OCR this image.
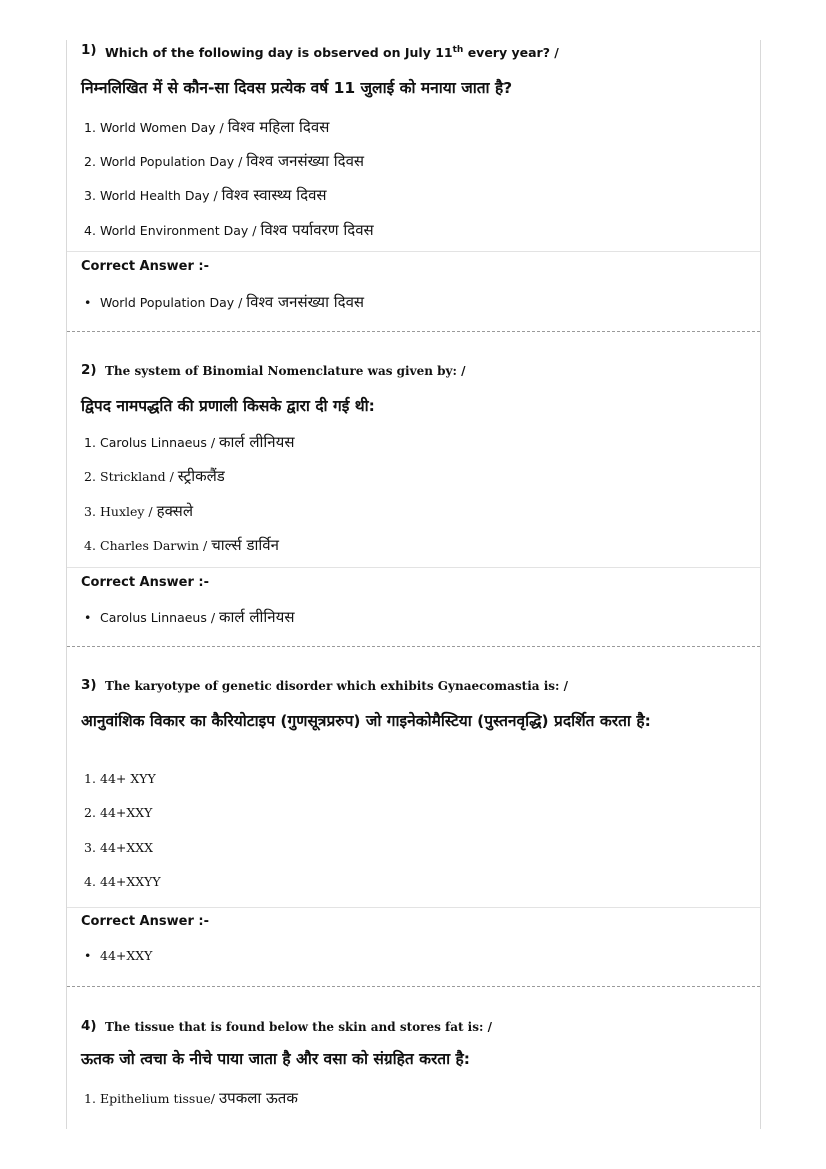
1) Which of the following day is observed on July 11th every year? /
निम्नलिखित में से कौन-सा दिवस प्रत्येक वर्ष 11 जुलाई को मनाया जाता है?
1. World Women Day / विश्व महिला दिवस
2. World Population Day / विश्व जनसंख्या दिवस
3. World Health Day / विश्व स्वास्थ्य दिवस
4. World Environment Day / विश्व पर्यावरण दिवस
Correct Answer :-
• World Population Day / विश्व जनसंख्या दिवस
2) The system of Binomial Nomenclature was given by: /
द्विपद नामपद्धति की प्रणाली किसके द्वारा दी गई थी:
1. Carolus Linnaeus / कार्ल लीनियस
2. Strickland / स्ट्रीकलैंड
3. Huxley / हक्सले
4. Charles Darwin / चार्ल्स डार्विन
Correct Answer :-
• Carolus Linnaeus / कार्ल लीनियस
3) The karyotype of genetic disorder which exhibits Gynaecomastia is: /
आनुवांशिक विकार का कैरियोटाइप (गुणसूत्रप्ररुप) जो गाइनेकोमैस्टिया (पुस्तनवृद्धि) प्रदर्शित करता है:
1. 44+ XYY
2. 44+XXY
3. 44+XXX
4. 44+XXYY
Correct Answer :-
• 44+XXY
4) The tissue that is found below the skin and stores fat is: /
ऊतक जो त्वचा के नीचे पाया जाता है और वसा को संग्रहित करता है:
1. Epithelium tissue/ उपकला ऊतक
